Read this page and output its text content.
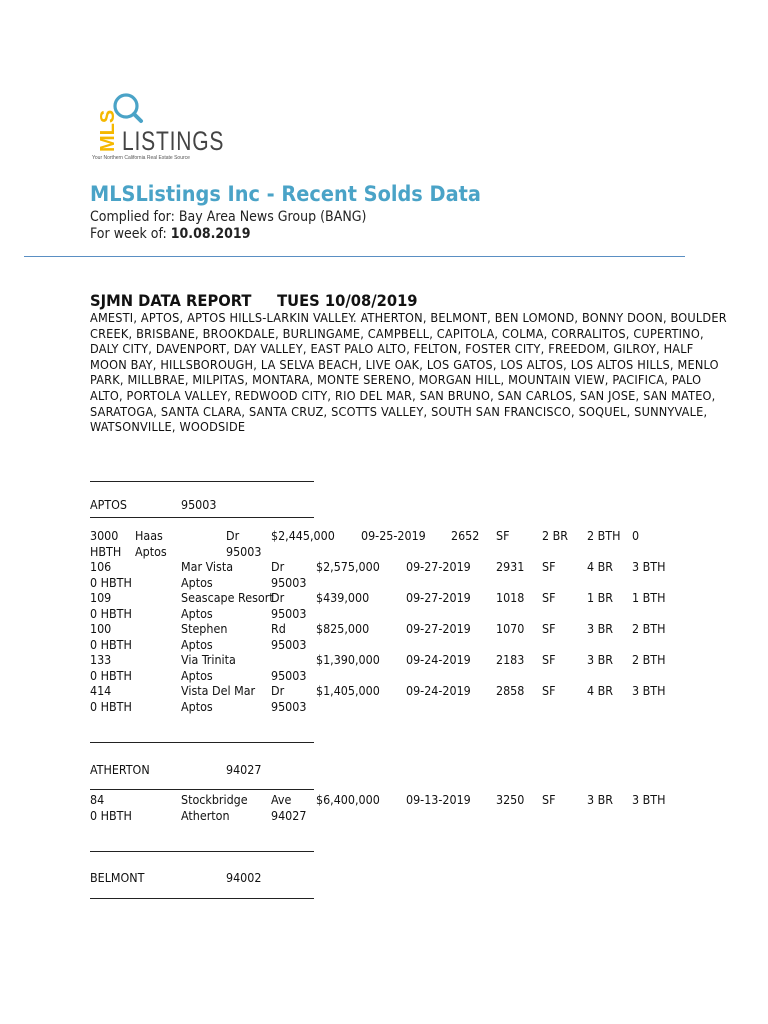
MLS LISTINGS
Your Northern California Real Estate Source
MLSListings Inc - Recent Solds Data
Complied for: Bay Area News Group (BANG)
For week of: 10.08.2019
SJMN DATA REPORT     TUES 10/08/2019
AMESTI, APTOS, APTOS HILLS-LARKIN VALLEY. ATHERTON, BELMONT, BEN LOMOND, BONNY DOON, BOULDER CREEK, BRISBANE, BROOKDALE, BURLINGAME, CAMPBELL, CAPITOLA, COLMA, CORRALITOS, CUPERTINO, DALY CITY, DAVENPORT, DAY VALLEY, EAST PALO ALTO, FELTON, FOSTER CITY, FREEDOM, GILROY, HALF MOON BAY, HILLSBOROUGH, LA SELVA BEACH, LIVE OAK, LOS GATOS, LOS ALTOS, LOS ALTOS HILLS, MENLO PARK, MILLBRAE, MILPITAS, MONTARA, MONTE SERENO, MORGAN HILL, MOUNTAIN VIEW, PACIFICA, PALO ALTO, PORTOLA VALLEY, REDWOOD CITY, RIO DEL MAR, SAN BRUNO, SAN CARLOS, SAN JOSE, SAN MATEO, SARATOGA, SANTA CLARA, SANTA CRUZ, SCOTTS VALLEY, SOUTH SAN FRANCISCO, SOQUEL, SUNNYVALE, WATSONVILLE, WOODSIDE
APTOS	95003
3000 Haas	Dr	$2,445,000 09-25-2019 2652 SF	2 BR 2 BTH 0
HBTH Aptos	95003
106	Mar Vista	Dr	$2,575,000 09-27-2019 2931 SF	4 BR 3 BTH
0 HBTH	Aptos	95003
109	Seascape Resort
Dr	$439,000	09-27-2019 1018 SF	1 BR 1 BTH
0 HBTH	Aptos	95003
100	Stephen	Rd $825,000	09-27-2019 1070 SF	3 BR 2 BTH
0 HBTH	Aptos	95003
133	Via Trinita	$1,390,000 09-24-2019 2183 SF	3 BR 2 BTH
0 HBTH	Aptos	95003
414	Vista Del Mar Dr	$1,405,000 09-24-2019 2858 SF	4 BR 3 BTH
0 HBTH	Aptos	95003
ATHERTON	94027
84	Stockbridge Ave $6,400,000 09-13-2019 3250 SF	3 BR 3 BTH
0 HBTH	Atherton	94027
BELMONT	94002
